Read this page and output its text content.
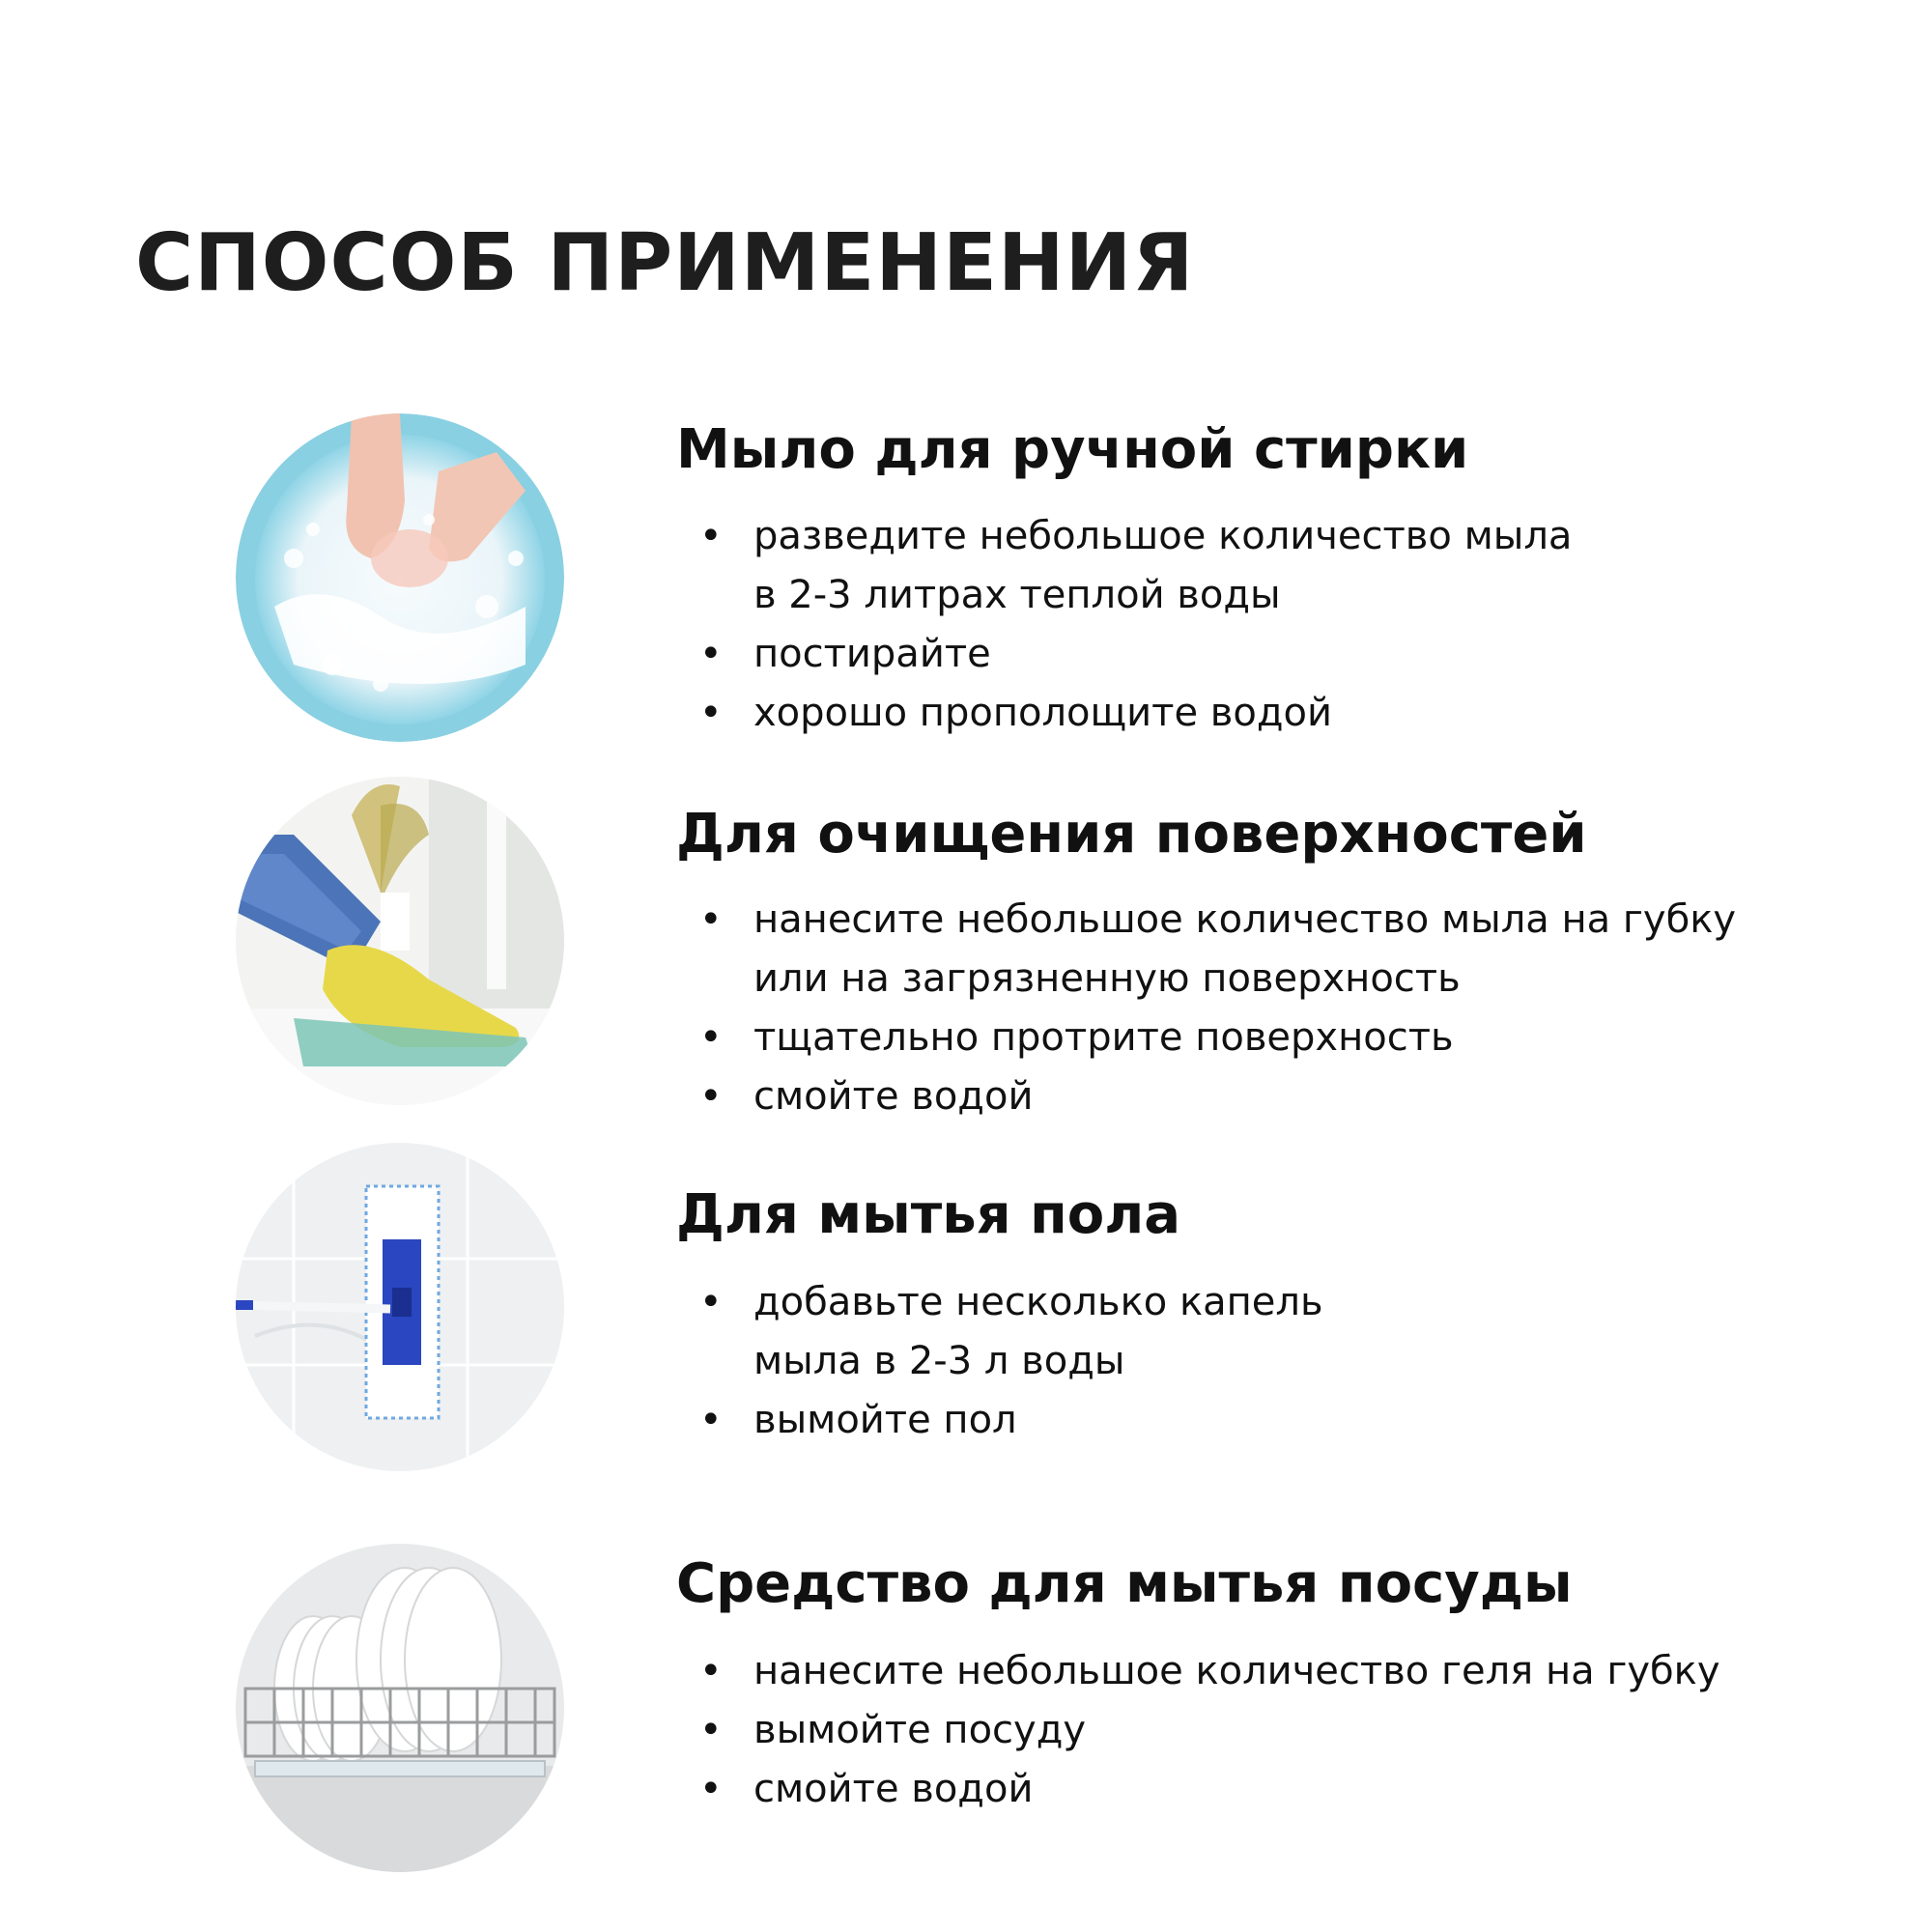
СПОСОБ ПРИМЕНЕНИЯ
Мыло для ручной стирки
• разведите небольшое количество мыла
в 2-3 литрах теплой воды
• постирайте
• хорошо прополощите водой
Для очищения поверхностей
• нанесите небольшое количество мыла на губку
или на загрязненную поверхность
• тщательно протрите поверхность
• смойте водой
Для мытья пола
• добавьте несколько капель
мыла в 2-3 л воды
• вымойте пол
Средство для мытья посуды
• нанесите небольшое количество геля на губку
• вымойте посуду
• смойте водой
